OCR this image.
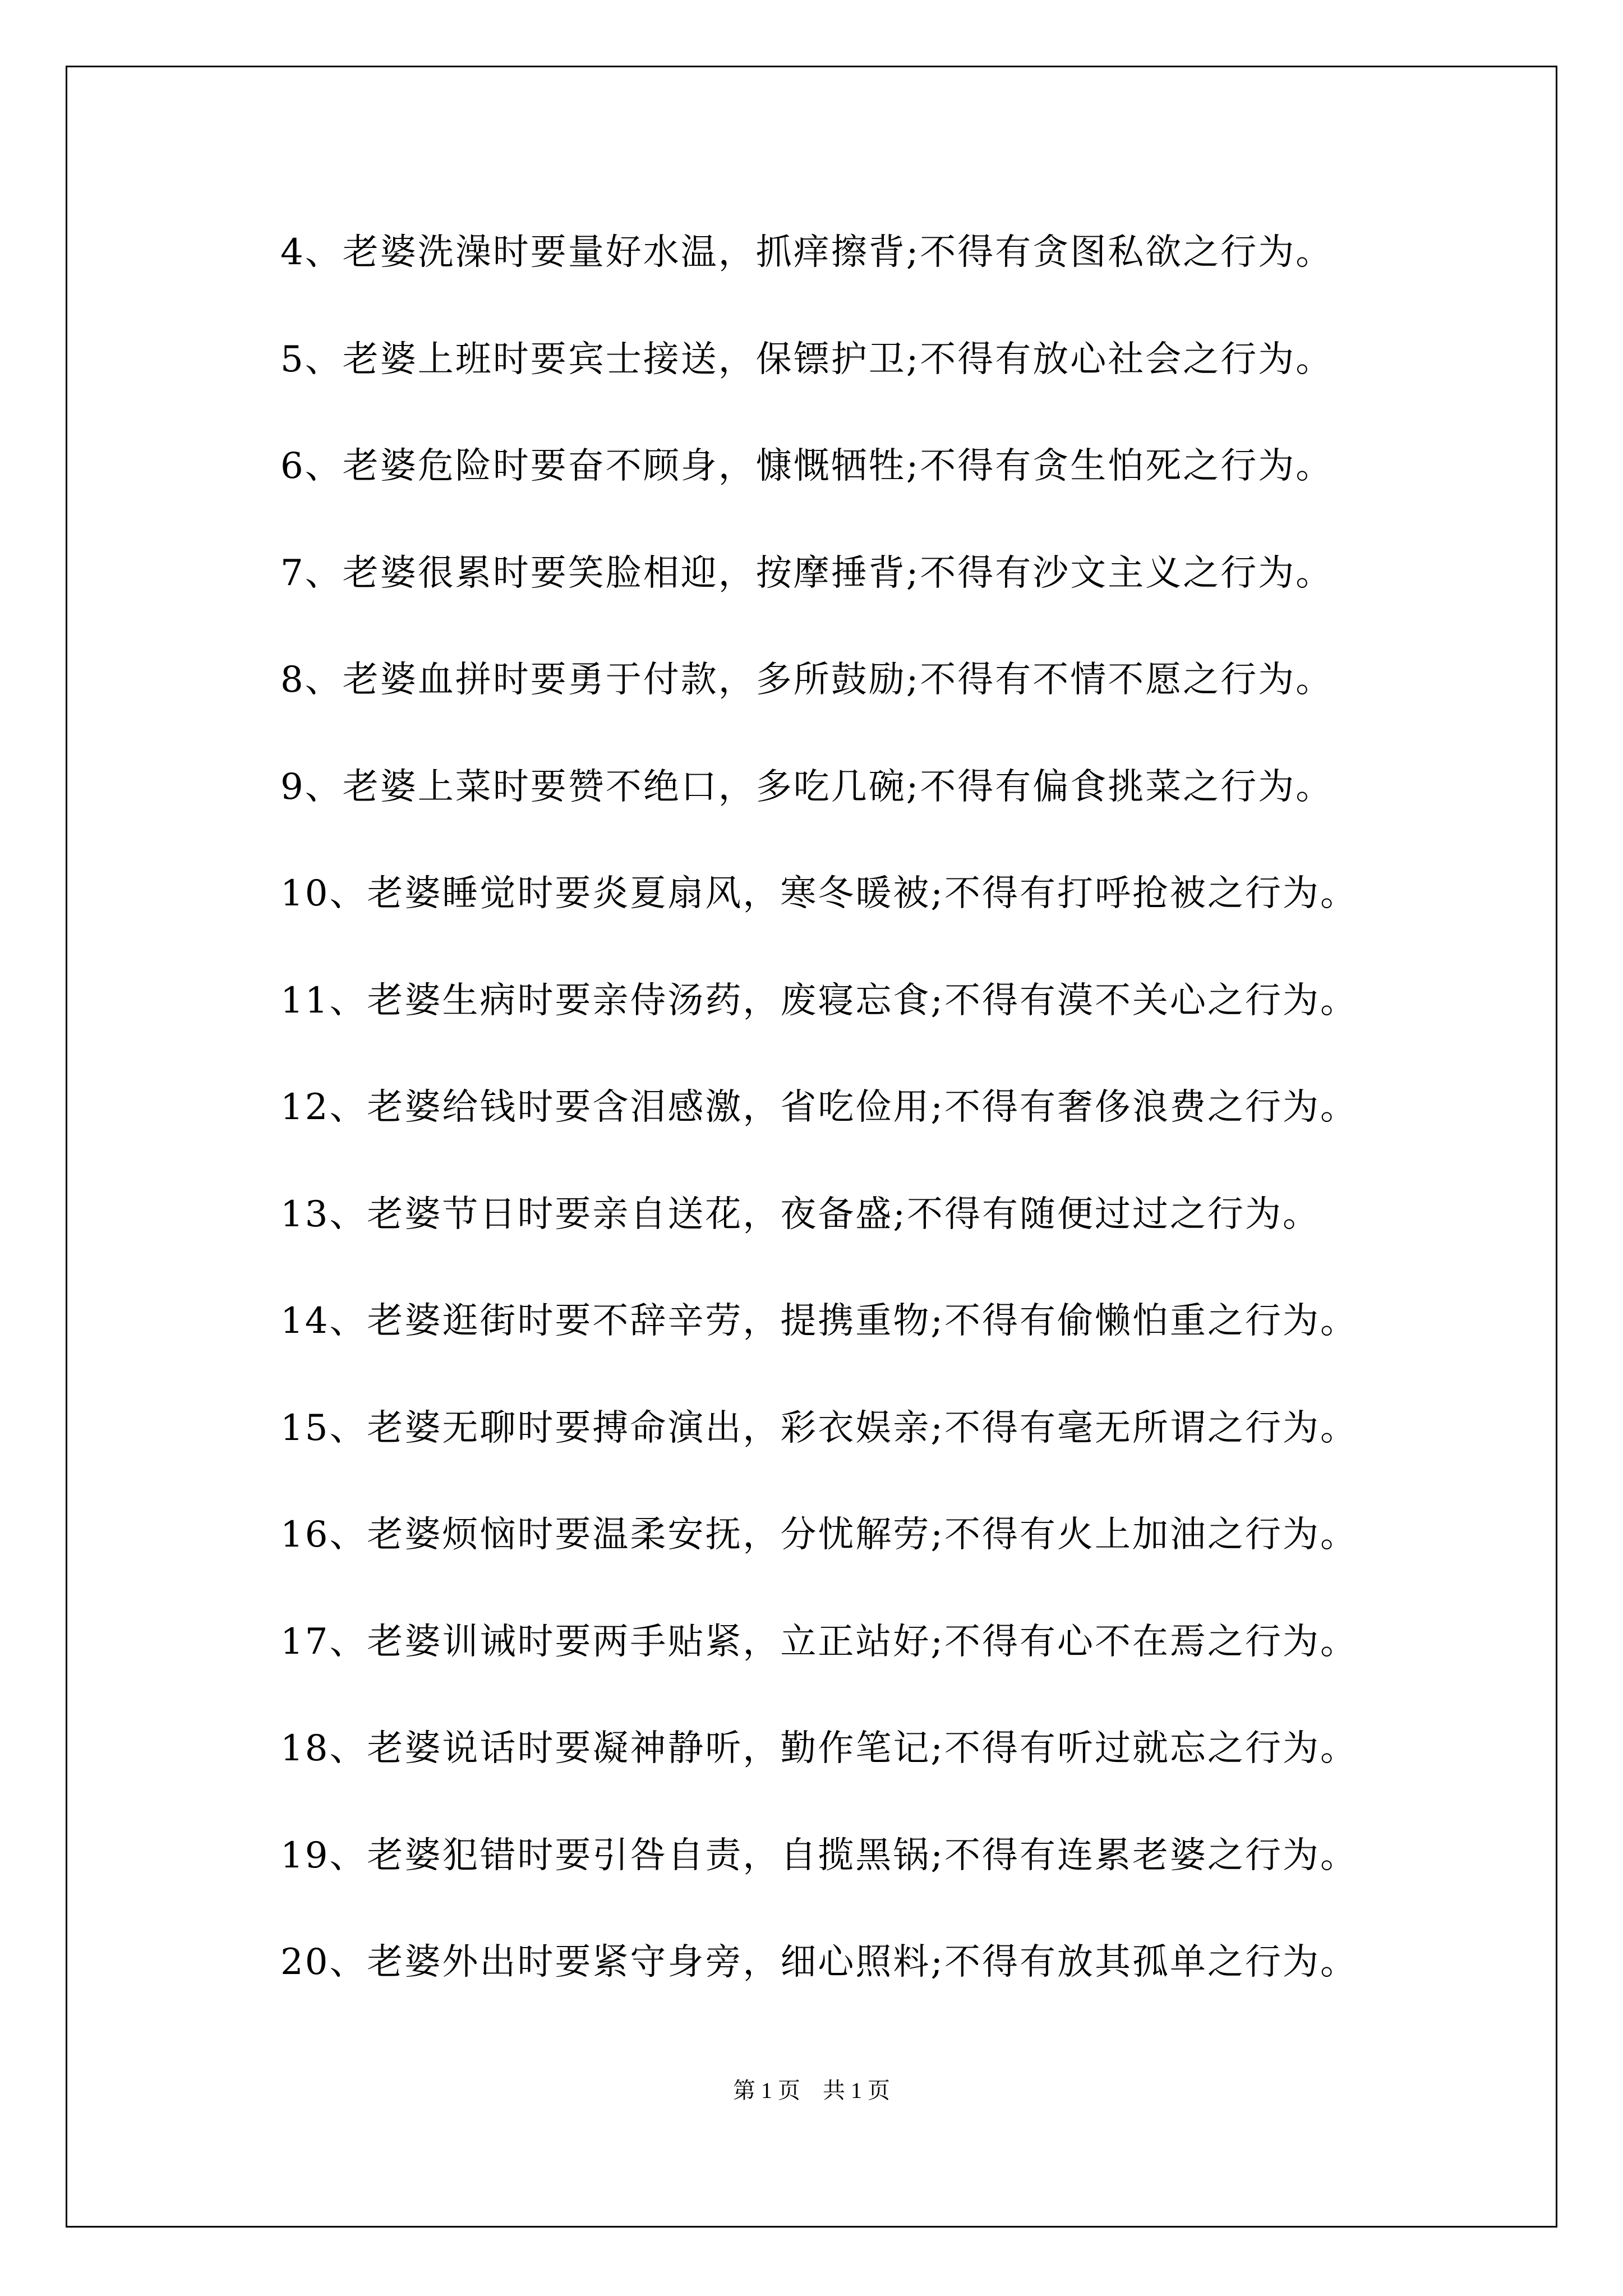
4、老婆洗澡时要量好水温，抓痒擦背;不得有贪图私欲之行为。
5、老婆上班时要宾士接送，保镖护卫;不得有放心社会之行为。
6、老婆危险时要奋不顾身，慷慨牺牲;不得有贪生怕死之行为。
7、老婆很累时要笑脸相迎，按摩捶背;不得有沙文主义之行为。
8、老婆血拼时要勇于付款，多所鼓励;不得有不情不愿之行为。
9、老婆上菜时要赞不绝口，多吃几碗;不得有偏食挑菜之行为。
10、老婆睡觉时要炎夏扇风，寒冬暖被;不得有打呼抢被之行为。
11、老婆生病时要亲侍汤药，废寝忘食;不得有漠不关心之行为。
12、老婆给钱时要含泪感激，省吃俭用;不得有奢侈浪费之行为。
13、老婆节日时要亲自送花，夜备盛;不得有随便过过之行为。
14、老婆逛街时要不辞辛劳，提携重物;不得有偷懒怕重之行为。
15、老婆无聊时要搏命演出，彩衣娱亲;不得有毫无所谓之行为。
16、老婆烦恼时要温柔安抚，分忧解劳;不得有火上加油之行为。
17、老婆训诫时要两手贴紧，立正站好;不得有心不在焉之行为。
18、老婆说话时要凝神静听，勤作笔记;不得有听过就忘之行为。
19、老婆犯错时要引咎自责，自揽黑锅;不得有连累老婆之行为。
20、老婆外出时要紧守身旁，细心照料;不得有放其孤单之行为。
第 1 页    共 1 页
